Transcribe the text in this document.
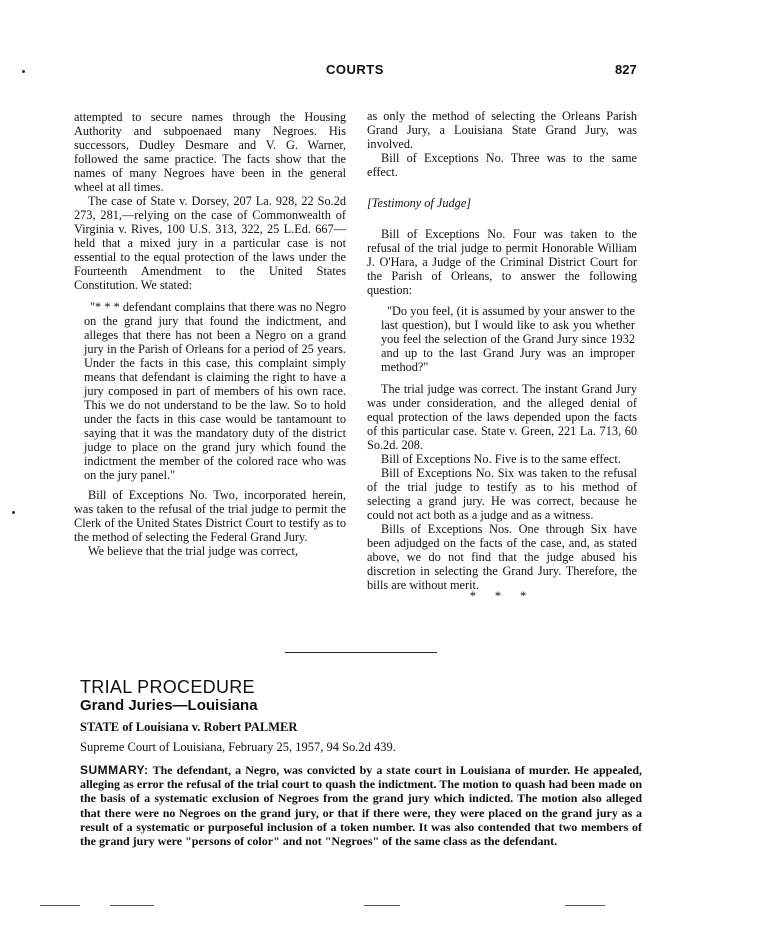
COURTS	827

attempted to secure names through the Housing Authority and subpoenaed many Negroes. His successors, Dudley Desmare and V. G. Warner, followed the same practice. The facts show that the names of many Negroes have been in the general wheel at all times.

The case of State v. Dorsey, 207 La. 928, 22 So.2d 273, 281,—relying on the case of Commonwealth of Virginia v. Rives, 100 U.S. 313, 322, 25 L.Ed. 667—held that a mixed jury in a particular case is not essential to the equal protection of the laws under the Fourteenth Amendment to the United States Constitution. We stated:

"* * * defendant complains that there was no Negro on the grand jury that found the indictment, and alleges that there has not been a Negro on a grand jury in the Parish of Orleans for a period of 25 years. Under the facts in this case, this complaint simply means that defendant is claiming the right to have a jury composed in part of members of his own race. This we do not understand to be the law. So to hold under the facts in this case would be tantamount to saying that it was the mandatory duty of the district judge to place on the grand jury which found the indictment the member of the colored race who was on the jury panel."

Bill of Exceptions No. Two, incorporated herein, was taken to the refusal of the trial judge to permit the Clerk of the United States District Court to testify as to the method of selecting the Federal Grand Jury.

We believe that the trial judge was correct,

as only the method of selecting the Orleans Parish Grand Jury, a Louisiana State Grand Jury, was involved.

Bill of Exceptions No. Three was to the same effect.

[Testimony of Judge]

Bill of Exceptions No. Four was taken to the refusal of the trial judge to permit Honorable William J. O'Hara, a Judge of the Criminal District Court for the Parish of Orleans, to answer the following question:

"Do you feel, (it is assumed by your answer to the last question), but I would like to ask you whether you feel the selection of the Grand Jury since 1932 and up to the last Grand Jury was an improper method?"

The trial judge was correct. The instant Grand Jury was under consideration, and the alleged denial of equal protection of the laws depended upon the facts of this particular case. State v. Green, 221 La. 713, 60 So.2d. 208.

Bill of Exceptions No. Five is to the same effect.

Bill of Exceptions No. Six was taken to the refusal of the trial judge to testify as to his method of selecting a grand jury. He was correct, because he could not act both as a judge and as a witness.

Bills of Exceptions Nos. One through Six have been adjudged on the facts of the case, and, as stated above, we do not find that the judge abused his discretion in selecting the Grand Jury. Therefore, the bills are without merit.

* * *

TRIAL PROCEDURE
Grand Juries—Louisiana
STATE of Louisiana v. Robert PALMER
Supreme Court of Louisiana, February 25, 1957, 94 So.2d 439.
SUMMARY: The defendant, a Negro, was convicted by a state court in Louisiana of murder. He appealed, alleging as error the refusal of the trial court to quash the indictment. The motion to quash had been made on the basis of a systematic exclusion of Negroes from the grand jury which indicted. The motion also alleged that there were no Negroes on the grand jury, or that if there were, they were placed on the grand jury as a result of a systematic or purposeful inclusion of a token number. It was also contended that two members of the grand jury were "persons of color" and not "Negroes" of the same class as the defendant.
